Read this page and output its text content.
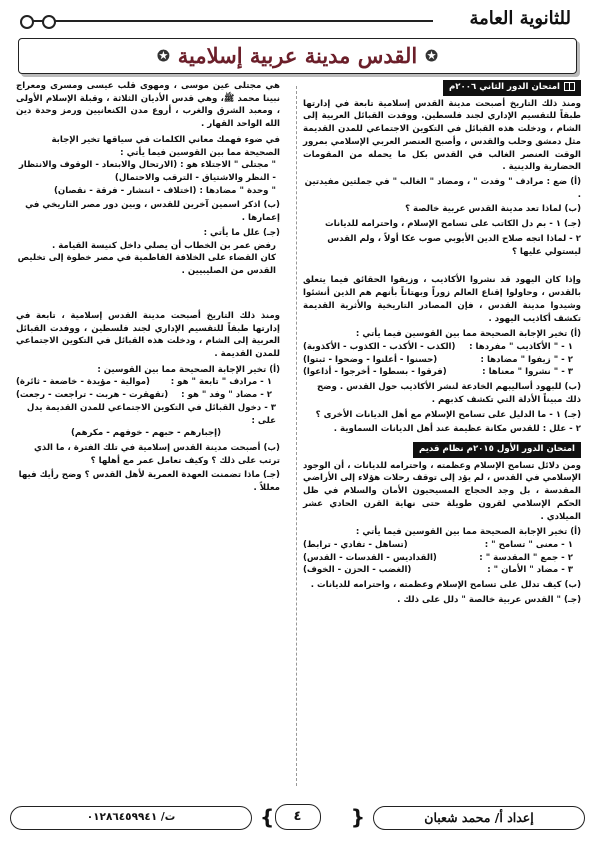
للثانوية العامة
✪
القدس مدينة عربية إسلامية
✪
امتحان الدور الثاني ٢٠٠٦م

ومنذ ذلك التاريخ أصبحت مدينة القدس إسلامية تابعة في إدارتها طبقاً للتقسيم الإداري لجند فلسطين. ووفدت القبائل العربية إلى الشام ، ودخلت هذه القبائل في التكوين الاجتماعي للمدن القديمة مثل دمشق وحلب والقدس ، وأصبح العنصر العربي الإسلامي بمرور الوقت العنصر الغالب في القدس بكل ما يحمله من المقومات الحضارية والدينية .

(أ) ضع : مرادف " وفدت " ، ومضاد " الغالب " في جملتين مفيدتين .
(ب) لماذا تعد مدينة القدس عربية خالصة ؟
(جـ) ١ - بم دل الكاتب على تسامح الإسلام ، واحترامه للديانات
٢ - لماذا اتجه صلاح الدين الأيوبي صوب عكا أولاً ، ولم القدس ليستولي عليها ؟

وإذا كان اليهود قد نشروا الأكاذيب ، وزيفوا الحقائق فيما يتعلق بالقدس ، وحاولوا إقناع العالم زوراً وبهتاناً بأنهم هم الذين أنشئوا وشيدوا مدينة القدس ، فإن المصادر التاريخية والأثرية القديمة تكشف أكاذيب اليهود .

(أ) تخير الإجابة الصحيحة مما بين القوسين فيما يأتي :
١ - " الأكاذيب " مفردها :
(الكذب - الأكذب - الكذوب - الأكذوبة)
٢ - " زيفوا " مضادها :
(حسنوا - أعلنوا - وضحوا - ثبتوا)
٣ - " نشروا " معناها :
(فرقوا - بسطوا - أخرجوا - أذاعوا)
(ب) للبهود أساليبهم الخادعة لنشر الأكاذيب حول القدس . وضح ذلك مبيناً الأدلة التي تكشف كذبهم .
(جـ) ١ - ما الدليل على تسامح الإسلام مع أهل الديانات الأخرى ؟
٢ - علل : للقدس مكانة عظيمة عند أهل الديانات السماوية .
امتحان الدور الأول ٢٠١٥م نظام قديم

ومن دلائل تسامح الإسلام وعظمته ، واحترامه للديانات ، أن الوجود الإسلامي في القدس ، لم يؤد إلى توقف رحلات هؤلاء إلى الأراضي المقدسة ، بل وجد الحجاج المسيحيون الأمان والسلام في ظل الحكم الإسلامي لقرون طويلة حتى نهاية القرن الحادي عشر الميلادي .

(أ) تخير الإجابة الصحيحة مما بين القوسين فيما يأتي :
١ - معنى " تسامح " :
(تساهل - تفادي - ترابط)
٢ - جمع " المقدسة " :
(القداديس - القدسات - القدس)
٣ - مضاد " الأمان " :
(الغضب - الحزن - الخوف)
(ب) كيف تدلل على تسامح الإسلام وعظمته ، واحترامه للديانات .
(جـ) " القدس عربية خالصة " دلل على ذلك .

هي مجتلى عين موسى ، ومهوى قلب عيسى ومسرى ومعراج نبينا محمد ﷺ، وهي قدس الأديان الثلاثة ، وقبلة الإسلام الأولى ، ومعبد الشرق والغرب ، أروع مدن الكنعانيين ورمز وحدة دين الله الواحد القهار .

في ضوء فهمك معاني الكلمات في سياقها تخير الإجابة الصحيحة مما بين القوسين فيما يأتي :
" مجتلى " الاجتلاء هو : (الارتحال والابتعاد - الوقوف والانتظار - النظر والاشتياق - الترقب والاحتمال)
" وحدة " مضادها : (اختلاف - انتشار - فرقة - نقصان)
(ب) اذكر اسمين آخرين للقدس ، وبين دور مصر التاريخي في إعمارها .
(جـ) علل ما يأتي :
رفض عمر بن الخطاب أن يصلي داخل كنيسة القيامة .
كان القضاء على الخلافة الفاطمية في مصر خطوة إلى تخليص القدس من الصليبيين .

ومنذ ذلك التاريخ أصبحت مدينة القدس إسلامية ، تابعة في إدارتها طبقاً للتقسيم الإداري لجند فلسطين ، ووفدت القبائل العربية إلى الشام ، ودخلت هذه القبائل في التكوين الاجتماعي للمدن القديمة .

(أ) تخير الإجابة الصحيحة مما بين القوسين :
١ - مرادف " تابعة " هو :
(موالية - مؤيدة - خاضعة - ثائرة)
٢ - مضاد " وفد " هو :
(تقهقرت - هربت - تراجعت - رجعت)
٣ - دخول القبائل في التكوين الاجتماعي للمدن القديمة يدل على :
(إجبارهم - حبهم - خوفهم - مكرهم)
(ب) أصبحت مدينة القدس إسلامية في تلك الفترة ، ما الذي ترتب على ذلك ؟ وكيف تعامل عمر مع أهلها ؟
(جـ) ماذا تضمنت العهدة العمرية لأهل القدس ؟ وضح رأيك فيها معللاً .
إعداد أ/ محمد شعبان
{
٤
}
ت/ ٠١٢٨٦٤٥٩٩٤١
